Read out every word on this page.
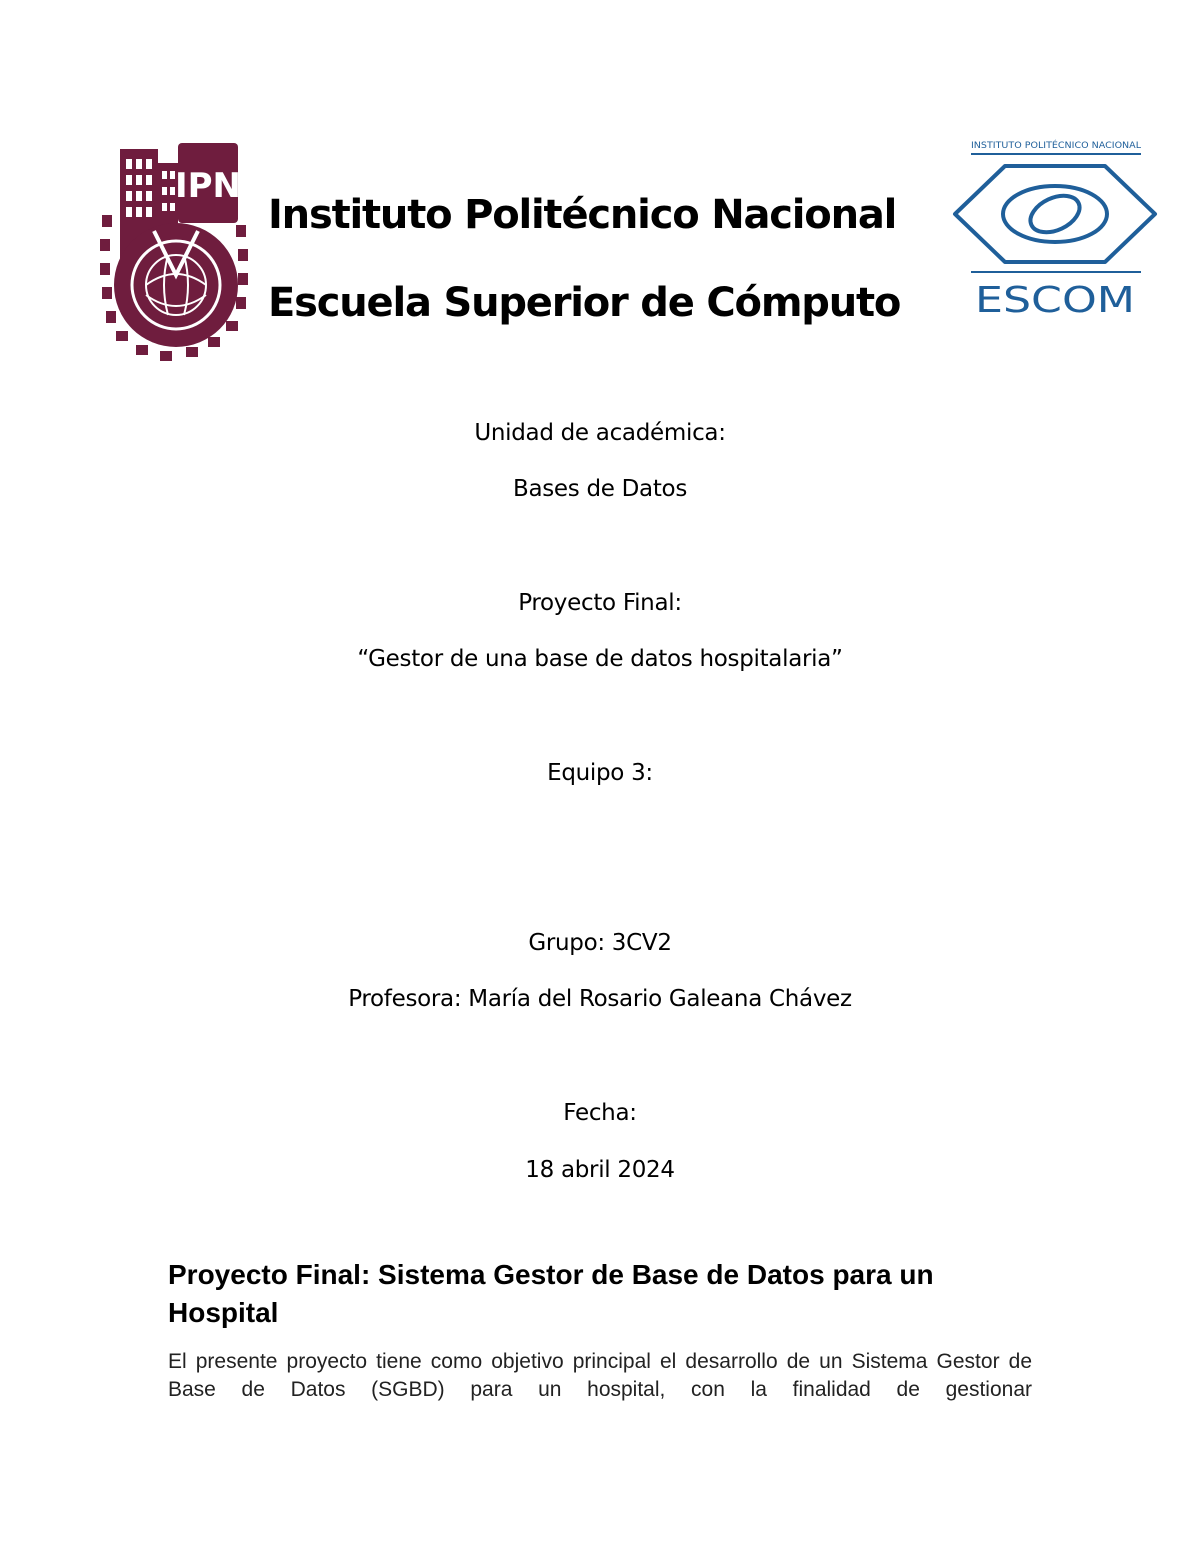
IPN
Instituto Politécnico Nacional
Escuela Superior de Cómputo
INSTITUTO POLITÉCNICO NACIONAL
ESCOM
Unidad de académica:
Bases de Datos
Proyecto Final:
“Gestor de una base de datos hospitalaria”
Equipo 3:
Grupo: 3CV2
Profesora: María del Rosario Galeana Chávez
Fecha:
18 abril 2024
Proyecto Final: Sistema Gestor de Base de Datos para un Hospital
El presente proyecto tiene como objetivo principal el desarrollo de un Sistema Gestor de Base de Datos (SGBD) para un hospital, con la finalidad de gestionar
